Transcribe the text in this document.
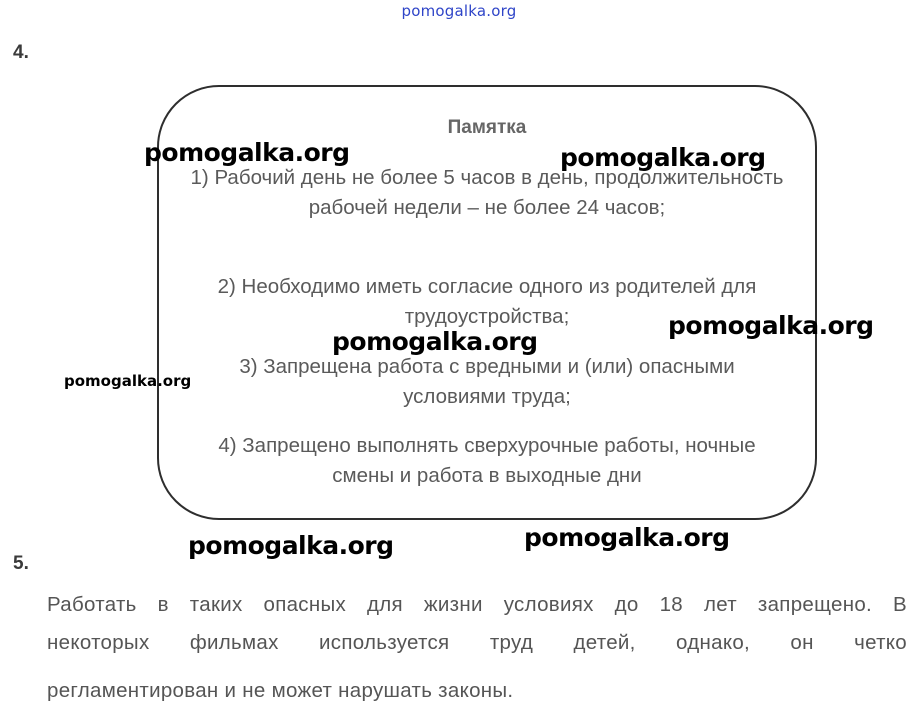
pomogalka.org
4.
Памятка
1) Рабочий день не более 5 часов в день, продолжительность рабочей недели – не более 24 часов;
2) Необходимо иметь согласие одного из родителей для трудоустройства;
3) Запрещена работа с вредными и (или) опасными условиями труда;
4) Запрещено выполнять сверхурочные работы, ночные смены и работа в выходные дни
5.
Работать в таких опасных для жизни условиях до 18 лет запрещено. В
некоторых фильмах используется труд детей, однако, он четко
регламентирован и не может нарушать законы.
pomogalka.org	pomogalka.org
pomogalka.org
pomogalka.org
pomogalka.org
pomogalka.org	pomogalka.org
